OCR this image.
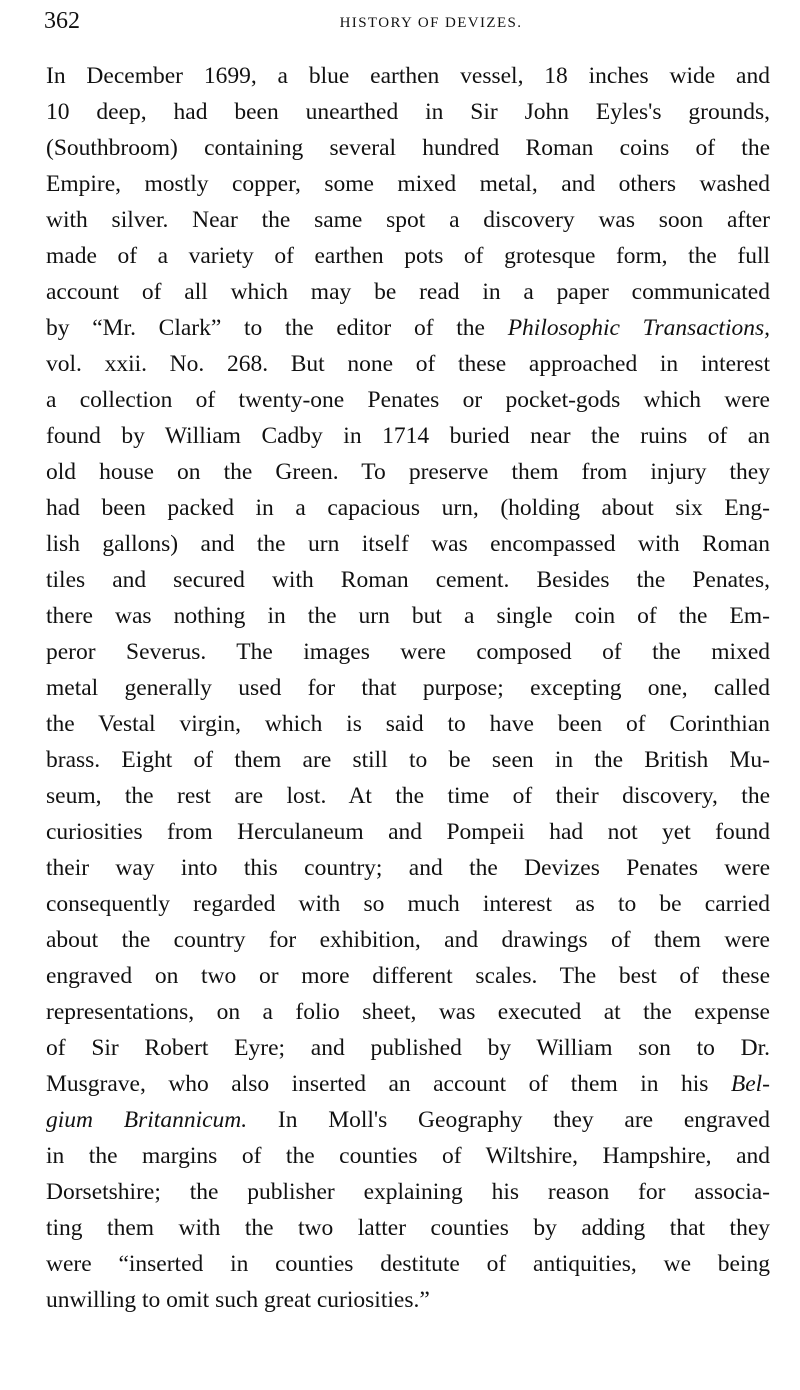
362	HISTORY OF DEVIZES.
In December 1699, a blue earthen vessel, 18 inches wide and
10 deep, had been unearthed in Sir John Eyles's grounds,
(Southbroom) containing several hundred Roman coins of the
Empire, mostly copper, some mixed metal, and others washed
with silver. Near the same spot a discovery was soon after
made of a variety of earthen pots of grotesque form, the full
account of all which may be read in a paper communicated
by “Mr. Clark” to the editor of the Philosophic Transactions,
vol. xxii. No. 268. But none of these approached in interest
a collection of twenty-one Penates or pocket-gods which were
found by William Cadby in 1714 buried near the ruins of an
old house on the Green. To preserve them from injury they
had been packed in a capacious urn, (holding about six Eng-
lish gallons) and the urn itself was encompassed with Roman
tiles and secured with Roman cement. Besides the Penates,
there was nothing in the urn but a single coin of the Em-
peror Severus. The images were composed of the mixed
metal generally used for that purpose; excepting one, called
the Vestal virgin, which is said to have been of Corinthian
brass. Eight of them are still to be seen in the British Mu-
seum, the rest are lost. At the time of their discovery, the
curiosities from Herculaneum and Pompeii had not yet found
their way into this country; and the Devizes Penates were
consequently regarded with so much interest as to be carried
about the country for exhibition, and drawings of them were
engraved on two or more different scales. The best of these
representations, on a folio sheet, was executed at the expense
of Sir Robert Eyre; and published by William son to Dr.
Musgrave, who also inserted an account of them in his Bel-
gium Britannicum. In Moll's Geography they are engraved
in the margins of the counties of Wiltshire, Hampshire, and
Dorsetshire; the publisher explaining his reason for associa-
ting them with the two latter counties by adding that they
were “inserted in counties destitute of antiquities, we being
unwilling to omit such great curiosities.”
